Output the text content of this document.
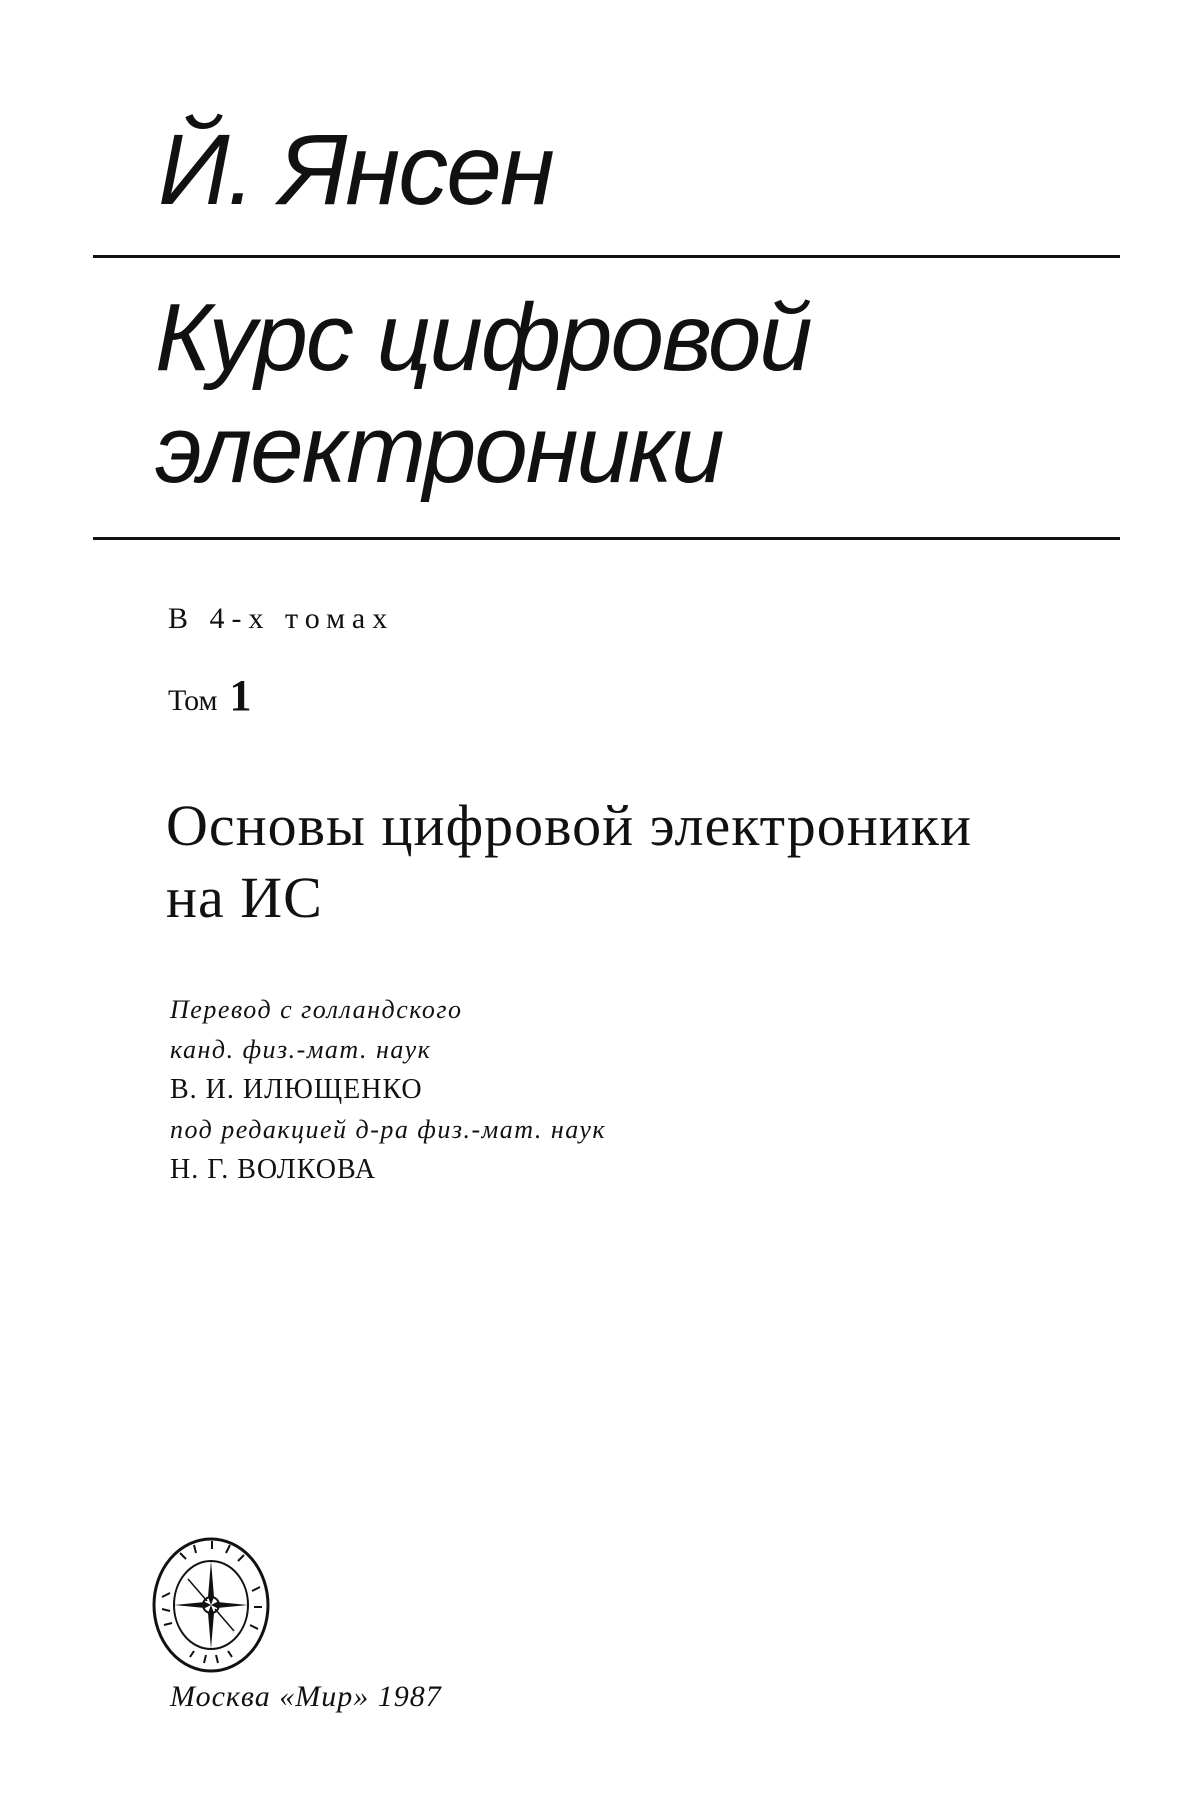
Й. Янсен
Курс цифровой
электроники
В 4-х томах
Том 1
Основы цифровой электроники
на ИС
Перевод с голландского
канд. физ.-мат. наук
В. И. ИЛЮЩЕНКО
под редакцией д-ра физ.-мат. наук
Н. Г. ВОЛКОВА
Москва «Мир» 1987
